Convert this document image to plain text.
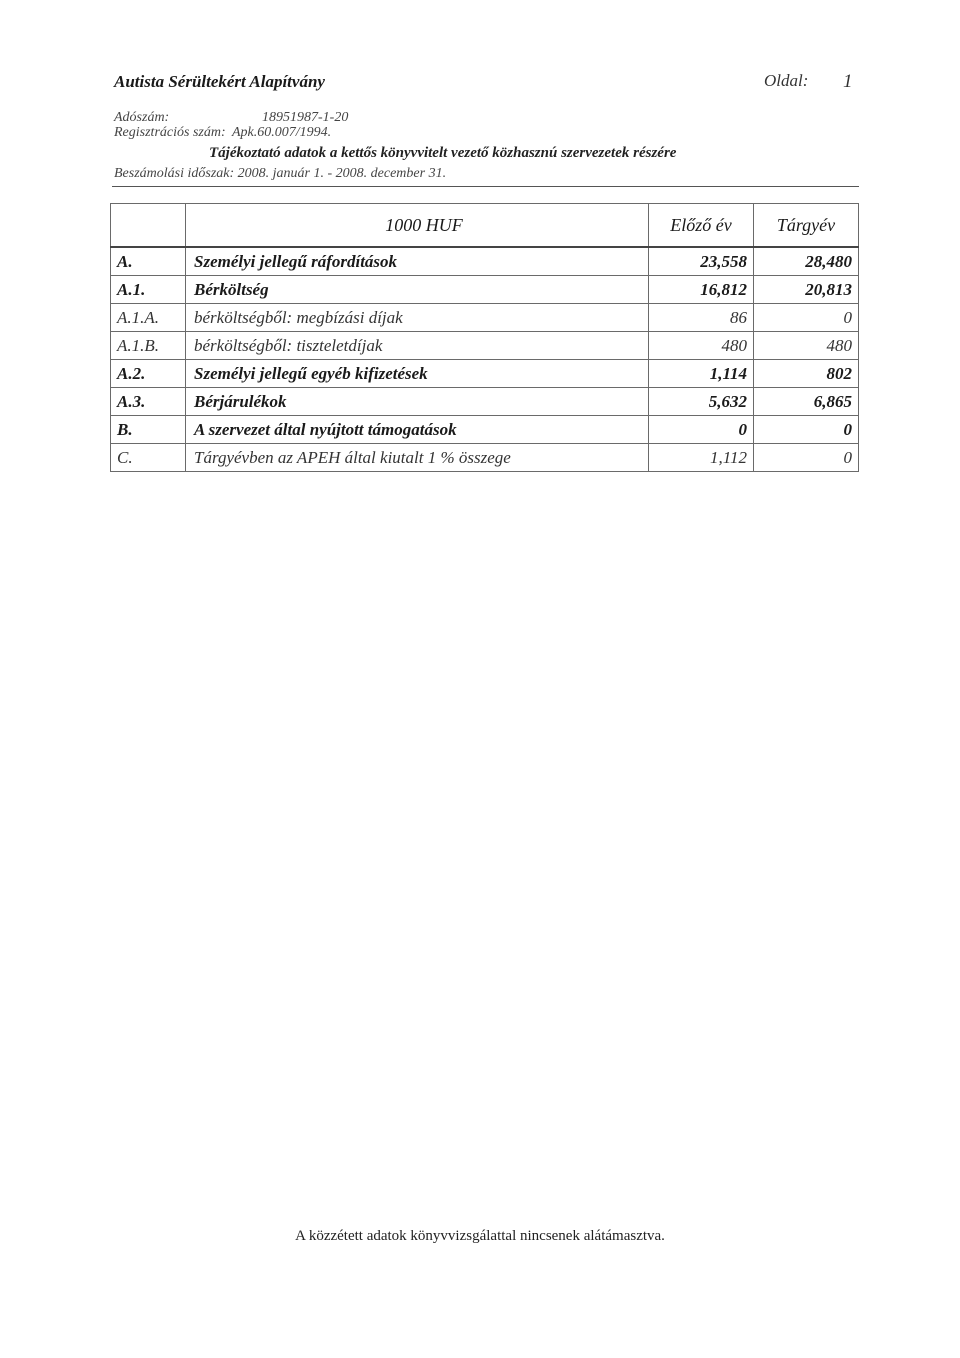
Autista Sérültekért Alapítvány	Oldal: 1
Adószám:	18951987-1-20
Regisztrációs szám: Apk.60.007/1994.
Tájékoztató adatok a kettős könyvvitelt vezető közhasznú szervezetek részére
Beszámolási időszak: 2008. január 1. - 2008. december 31.
	1000 HUF	Előző év	Tárgyév
A.	Személyi jellegű ráfordítások	23,558	28,480
A.1.	Bérköltség	16,812	20,813
A.1.A.	bérköltségből: megbízási díjak	86	0
A.1.B.	bérköltségből: tiszteletdíjak	480	480
A.2.	Személyi jellegű egyéb kifizetések	1,114	802
A.3.	Bérjárulékok	5,632	6,865
B.	A szervezet által nyújtott támogatások	0	0
C.	Tárgyévben az APEH által kiutalt 1 % összege	1,112	0
A közzétett adatok könyvvizsgálattal nincsenek alátámasztva.
